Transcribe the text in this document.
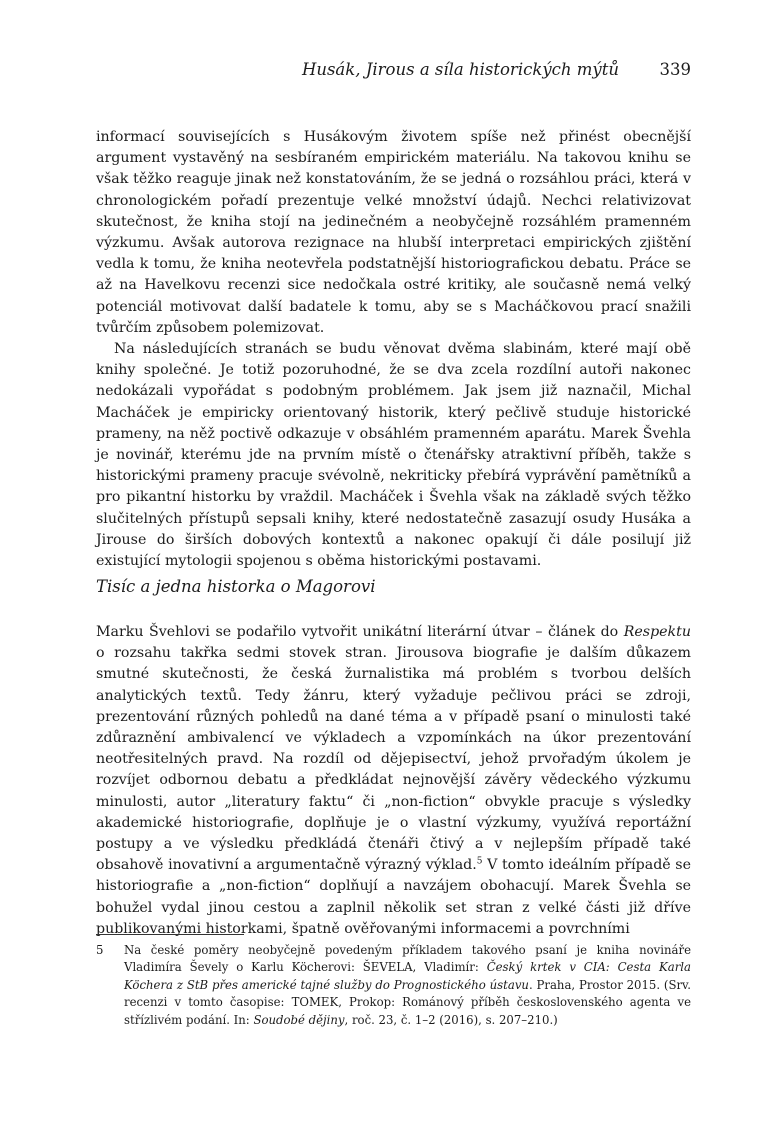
Husák, Jirous a síla historických mýtů 339

informací souvisejících s Husákovým životem spíše než přinést obecnější argument vystavěný na sesbíraném empirickém materiálu. Na takovou knihu se však těžko reaguje jinak než konstatováním, že se jedná o rozsáhlou práci, která v chronologickém pořadí prezentuje velké množství údajů. Nechci relativizovat skutečnost, že kniha stojí na jedinečném a neobyčejně rozsáhlém pramenném výzkumu. Avšak autorova rezignace na hlubší interpretaci empirických zjištění vedla k tomu, že kniha neotevřela podstatnější historiografickou debatu. Práce se až na Havelkovu recenzi sice nedočkala ostré kritiky, ale současně nemá velký potenciál motivovat další badatele k tomu, aby se s Macháčkovou prací snažili tvůrčím způsobem polemizovat.

Na následujících stranách se budu věnovat dvěma slabinám, které mají obě knihy společné. Je totiž pozoruhodné, že se dva zcela rozdílní autoři nakonec nedokázali vypořádat s podobným problémem. Jak jsem již naznačil, Michal Macháček je empiricky orientovaný historik, který pečlivě studuje historické prameny, na něž poctivě odkazuje v obsáhlém pramenném aparátu. Marek Švehla je novinář, kterému jde na prvním místě o čtenářsky atraktivní příběh, takže s historickými prameny pracuje svévolně, nekriticky přebírá vyprávění pamětníků a pro pikantní historku by vraždil. Macháček i Švehla však na základě svých těžko slučitelných přístupů sepsali knihy, které nedostatečně zasazují osudy Husáka a Jirouse do širších dobových kontextů a nakonec opakují či dále posilují již existující mytologii spojenou s oběma historickými postavami.

Tisíc a jedna historka o Magorovi

Marku Švehlovi se podařilo vytvořit unikátní literární útvar – článek do Respektu o rozsahu takřka sedmi stovek stran. Jirousova biografie je dalším důkazem smutné skutečnosti, že česká žurnalistika má problém s tvorbou delších analytických textů. Tedy žánru, který vyžaduje pečlivou práci se zdroji, prezentování různých pohledů na dané téma a v případě psaní o minulosti také zdůraznění ambivalencí ve výkladech a vzpomínkách na úkor prezentování neotřesitelných pravd. Na rozdíl od dějepisectví, jehož prvořadým úkolem je rozvíjet odbornou debatu a předkládat nejnovější závěry vědeckého výzkumu minulosti, autor „literatury faktu“ či „non-fiction“ obvykle pracuje s výsledky akademické historiografie, doplňuje je o vlastní výzkumy, využívá reportážní postupy a ve výsledku předkládá čtenáři čtivý a v nejlepším případě také obsahově inovativní a argumentačně výrazný výklad.$^5$ V tomto ideálním případě se historiografie a „non-fiction“ doplňují a navzájem obohacují. Marek Švehla se bohužel vydal jinou cestou a zaplnil několik set stran z velké části již dříve publikovanými historkami, špatně ověřovanými informacemi a povrchními

5 Na české poměry neobyčejně povedeným příkladem takového psaní je kniha novináře Vladimíra Ševely o Karlu Köcherovi: ŠEVELA, Vladimír: Český krtek v CIA: Cesta Karla Köchera z StB přes americké tajné služby do Prognostického ústavu. Praha, Prostor 2015. (Srv. recenzi v tomto časopise: TOMEK, Prokop: Románový příběh československého agenta ve střízlivém podání. In: Soudobé dějiny, roč. 23, č. 1–2 (2016), s. 207–210.)
